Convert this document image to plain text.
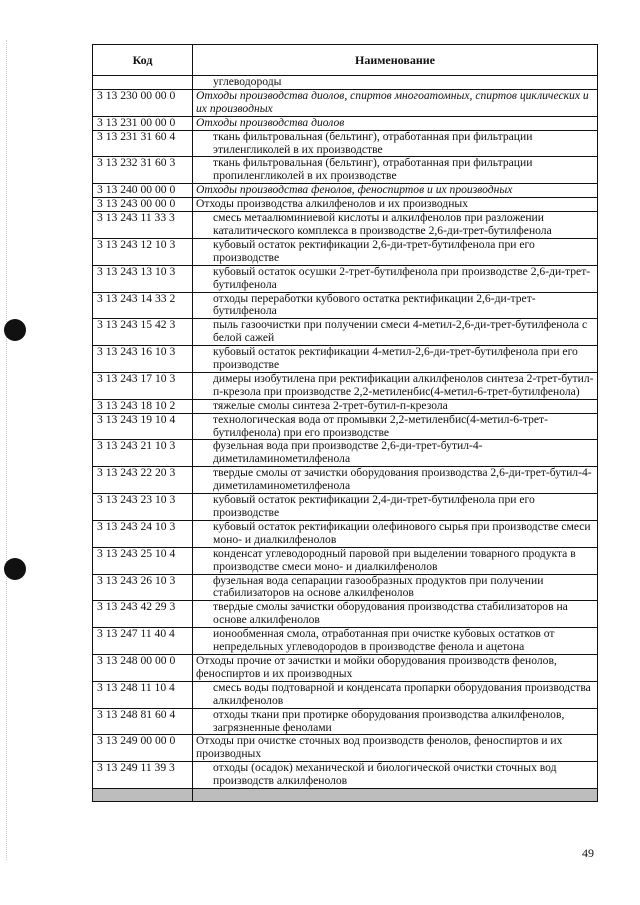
Код	Наименование
	углеводороды
3 13 230 00 00 0	Отходы производства диолов, спиртов многоатомных, спиртов циклических и их производных
3 13 231 00 00 0	Отходы производства диолов
3 13 231 31 60 4	ткань фильтровальная (бельтинг), отработанная при фильтрации этиленгликолей в их производстве
3 13 232 31 60 3	ткань фильтровальная (бельтинг), отработанная при фильтрации пропиленгликолей в их производстве
3 13 240 00 00 0	Отходы производства фенолов, феноспиртов и их производных
3 13 243 00 00 0	Отходы производства алкилфенолов и их производных
3 13 243 11 33 3	смесь метаалюминиевой кислоты и алкилфенолов при разложении каталитического комплекса в производстве 2,6-ди-трет-бутилфенола
3 13 243 12 10 3	кубовый остаток ректификации 2,6-ди-трет-бутилфенола при его производстве
3 13 243 13 10 3	кубовый остаток осушки 2-трет-бутилфенола при производстве 2,6-ди-трет-бутилфенола
3 13 243 14 33 2	отходы переработки кубового остатка ректификации 2,6-ди-трет-бутилфенола
3 13 243 15 42 3	пыль газоочистки при получении смеси 4-метил-2,6-ди-трет-бутилфенола с белой сажей
3 13 243 16 10 3	кубовый остаток ректификации 4-метил-2,6-ди-трет-бутилфенола при его производстве
3 13 243 17 10 3	димеры изобутилена при ректификации алкилфенолов синтеза 2-трет-бутил-п-крезола при производстве 2,2-метиленбис(4-метил-6-трет-бутилфенола)
3 13 243 18 10 2	тяжелые смолы синтеза 2-трет-бутил-п-крезола
3 13 243 19 10 4	технологическая вода от промывки 2,2-метиленбис(4-метил-6-трет-бутилфенола) при его производстве
3 13 243 21 10 3	фузельная вода при производстве 2,6-ди-трет-бутил-4-диметиламинометилфенола
3 13 243 22 20 3	твердые смолы от зачистки оборудования производства 2,6-ди-трет-бутил-4-диметиламинометилфенола
3 13 243 23 10 3	кубовый остаток ректификации 2,4-ди-трет-бутилфенола при его производстве
3 13 243 24 10 3	кубовый остаток ректификации олефинового сырья при производстве смеси моно- и диалкилфенолов
3 13 243 25 10 4	конденсат углеводородный паровой при выделении товарного продукта в производстве смеси моно- и диалкилфенолов
3 13 243 26 10 3	фузельная вода сепарации газообразных продуктов при получении стабилизаторов на основе алкилфенолов
3 13 243 42 29 3	твердые смолы зачистки оборудования производства стабилизаторов на основе алкилфенолов
3 13 247 11 40 4	ионообменная смола, отработанная при очистке кубовых остатков от непредельных углеводородов в производстве фенола и ацетона
3 13 248 00 00 0	Отходы прочие от зачистки и мойки оборудования производств фенолов, феноспиртов и их производных
3 13 248 11 10 4	смесь воды подтоварной и конденсата пропарки оборудования производства алкилфенолов
3 13 248 81 60 4	отходы ткани при протирке оборудования производства алкилфенолов, загрязненные фенолами
3 13 249 00 00 0	Отходы при очистке сточных вод производств фенолов, феноспиртов и их производных
3 13 249 11 39 3	отходы (осадок) механической и биологической очистки сточных вод производств алкилфенолов

49
